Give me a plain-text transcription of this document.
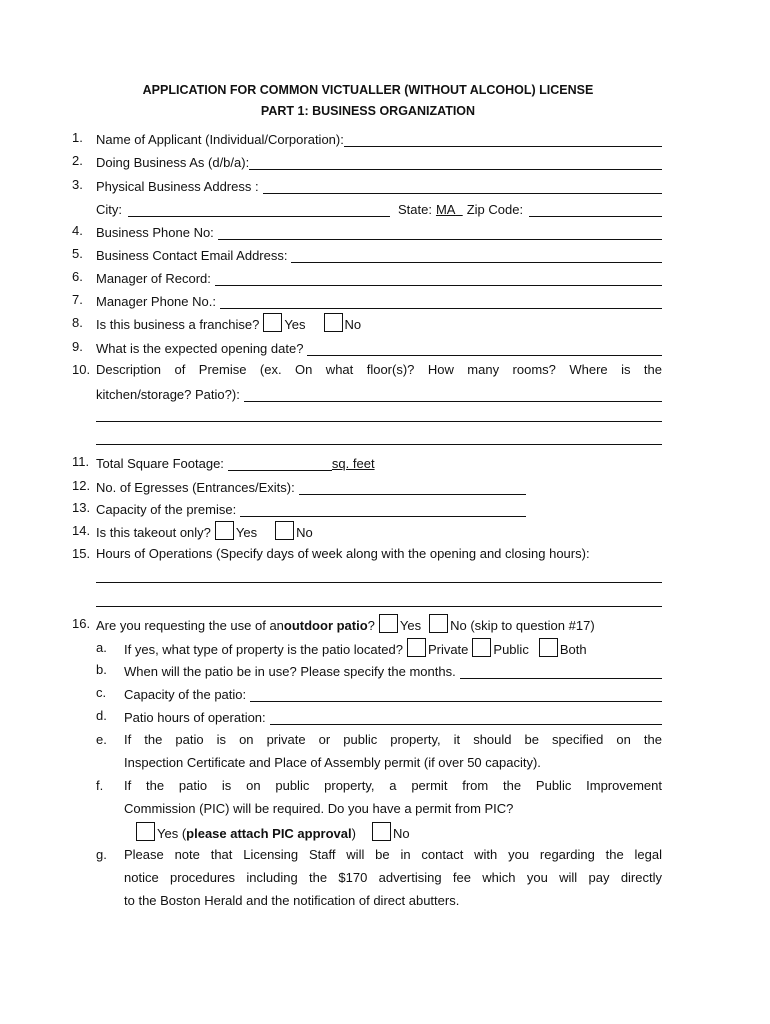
APPLICATION FOR COMMON VICTUALLER (WITHOUT ALCOHOL) LICENSE
PART 1: BUSINESS ORGANIZATION
1. Name of Applicant (Individual/Corporation):
2. Doing Business As (d/b/a):
3. Physical Business Address :
City:	State: MA
Zip Code:
4. Business Phone No:
5. Business Contact Email Address:
6. Manager of Record:
7. Manager Phone No.:
8. Is this business a franchise? Yes	No
9. What is the expected opening date?
10. Description of Premise (ex. On what floor(s)? How many rooms? Where is the
kitchen/storage? Patio?):
11. Total Square Footage:	sq. feet
12. No. of Egresses (Entrances/Exits):
13. Capacity of the premise:
14. Is this takeout only? Yes	No
15. Hours of Operations (Specify days of week along with the opening and closing hours):
16. Are you requesting the use of an outdoor patio ? Yes No (skip to question #17)
a. If yes, what type of property is the patio located? Private Public Both
b. When will the patio be in use? Please specify the months.
c. Capacity of the patio:
d. Patio hours of operation:
e. If the patio is on private or public property, it should be specified on the
Inspection Certificate and Place of Assembly permit (if over 50 capacity).
f. If the patio is on public property, a permit from the Public Improvement
Commission (PIC) will be required. Do you have a permit from PIC?
Yes ( please attach PIC approval )	No
g. Please note that Licensing Staff will be in contact with you regarding the legal
notice procedures including the $170 advertising fee which you will pay directly
to the Boston Herald and the notification of direct abutters.
